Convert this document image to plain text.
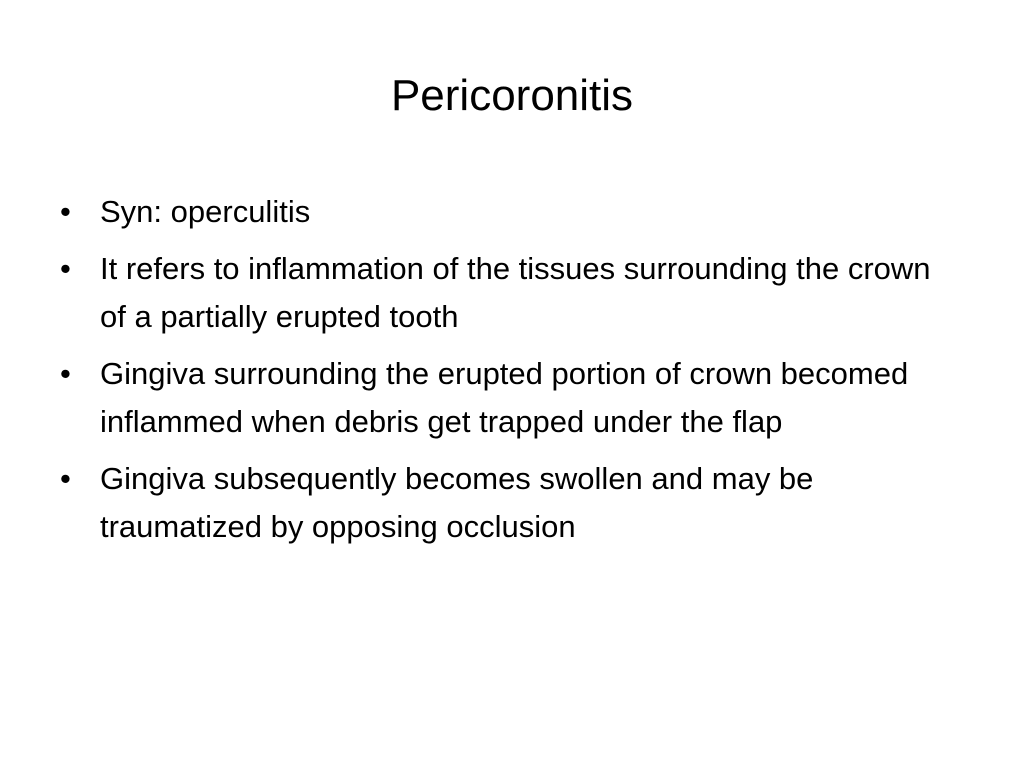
Pericoronitis
• Syn: operculitis
• It refers to inflammation of the tissues surrounding the crown of a partially erupted tooth
• Gingiva surrounding the erupted portion of crown becomed inflammed when debris get trapped under the flap
• Gingiva subsequently becomes swollen and may be traumatized by opposing occlusion
